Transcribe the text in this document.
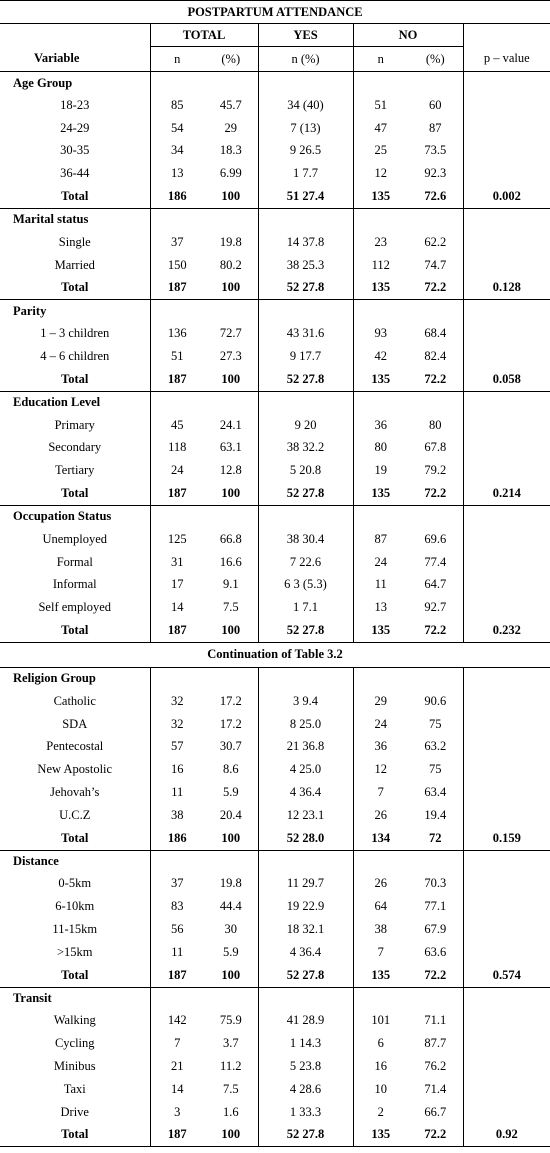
POSTPARTUM ATTENDANCE						
	TOTAL		YES	NO		
Variable	n	(%)	n (%)	n	(%)	p – value
Age Group						
18-23	85	45.7	34 (40)	51	60	
24-29	54	29	7 (13)	47	87	
30-35	34	18.3	9 26.5	25	73.5	
36-44	13	6.99	1 7.7	12	92.3	
Total	186	100	51 27.4	135	72.6	0.002
Marital status						
Single	37	19.8	14 37.8	23	62.2	
Married	150	80.2	38 25.3	112	74.7	
Total	187	100	52 27.8	135	72.2	0.128
Parity						
1 – 3 children	136	72.7	43 31.6	93	68.4	
4 – 6 children	51	27.3	9 17.7	42	82.4	
Total	187	100	52 27.8	135	72.2	0.058
Education Level						
Primary	45	24.1	9 20	36	80	
Secondary	118	63.1	38 32.2	80	67.8	
Tertiary	24	12.8	5 20.8	19	79.2	
Total	187	100	52 27.8	135	72.2	0.214
Occupation Status						
Unemployed	125	66.8	38 30.4	87	69.6	
Formal	31	16.6	7 22.6	24	77.4	
Informal	17	9.1	6 3 (5.3)	11	64.7	
Self employed	14	7.5	1 7.1	13	92.7	
Total	187	100	52 27.8	135	72.2	0.232
Continuation of Table 3.2						
Religion Group						
Catholic	32	17.2	3 9.4	29	90.6	
SDA	32	17.2	8 25.0	24	75	
Pentecostal	57	30.7	21 36.8	36	63.2	
New Apostolic	16	8.6	4 25.0	12	75	
Jehovah’s	11	5.9	4 36.4	7	63.4	
U.C.Z	38	20.4	12 23.1	26	19.4	
Total	186	100	52 28.0	134	72	0.159
Distance						
0-5km	37	19.8	11 29.7	26	70.3	
6-10km	83	44.4	19 22.9	64	77.1	
11-15km	56	30	18 32.1	38	67.9	
>15km	11	5.9	4 36.4	7	63.6	
Total	187	100	52 27.8	135	72.2	0.574
Transit						
Walking	142	75.9	41 28.9	101	71.1	
Cycling	7	3.7	1 14.3	6	87.7	
Minibus	21	11.2	5 23.8	16	76.2	
Taxi	14	7.5	4 28.6	10	71.4	
Drive	3	1.6	1 33.3	2	66.7	
Total	187	100	52 27.8	135	72.2	0.92
